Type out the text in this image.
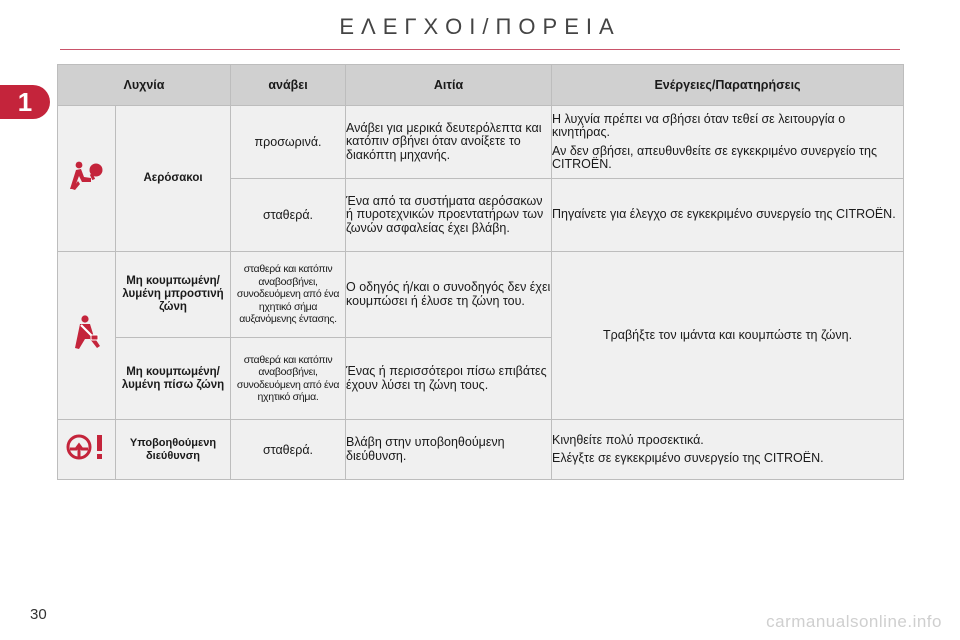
ΕΛΕΓΧΟΙ/ΠΟΡΕΙΑ
1
Λυχνία		ανάβει	Αιτία	Ενέργειες/Παρατηρήσεις
	Αερόσακοι	προσωρινά.	Ανάβει για μερικά δευτερόλεπτα και κατόπιν σβήνει όταν ανοίξετε το διακόπτη μηχανής.	Η λυχνία πρέπει να σβήσει όταν τεθεί σε λειτουργία ο κινητήρας.

Αν δεν σβήσει, απευθυνθείτε σε εγκεκριμένο συνεργείο της CITROËN.

		σταθερά.	Ένα από τα συστήματα αερόσακων ή πυροτεχνικών προεντατήρων των ζωνών ασφαλείας έχει βλάβη.	Πηγαίνετε για έλεγχο σε εγκεκριμένο συνεργείο της CITROËN.
	Μη κουμπωμένη/λυμένη μπροστινή ζώνη	σταθερά και κατόπιν αναβοσβήνει, συνοδευόμενη από ένα ηχητικό σήμα αυξανόμενης έντασης.	Ο οδηγός ή/και ο συνοδηγός δεν έχει κουμπώσει ή έλυσε τη ζώνη του.	Τραβήξτε τον ιμάντα και κουμπώστε τη ζώνη.
	Μη κουμπωμένη/λυμένη πίσω ζώνη	σταθερά και κατόπιν αναβοσβήνει, συνοδευόμενη από ένα ηχητικό σήμα.	Ένας ή περισσότεροι πίσω επιβάτες έχουν λύσει τη ζώνη τους.	
	Υποβοηθούμενη διεύθυνση	σταθερά.	Βλάβη στην υποβοηθούμενη διεύθυνση.	Κινηθείτε πολύ προσεκτικά.

Ελέγξτε σε εγκεκριμένο συνεργείο της CITROËN.

30	carmanualsonline.info
